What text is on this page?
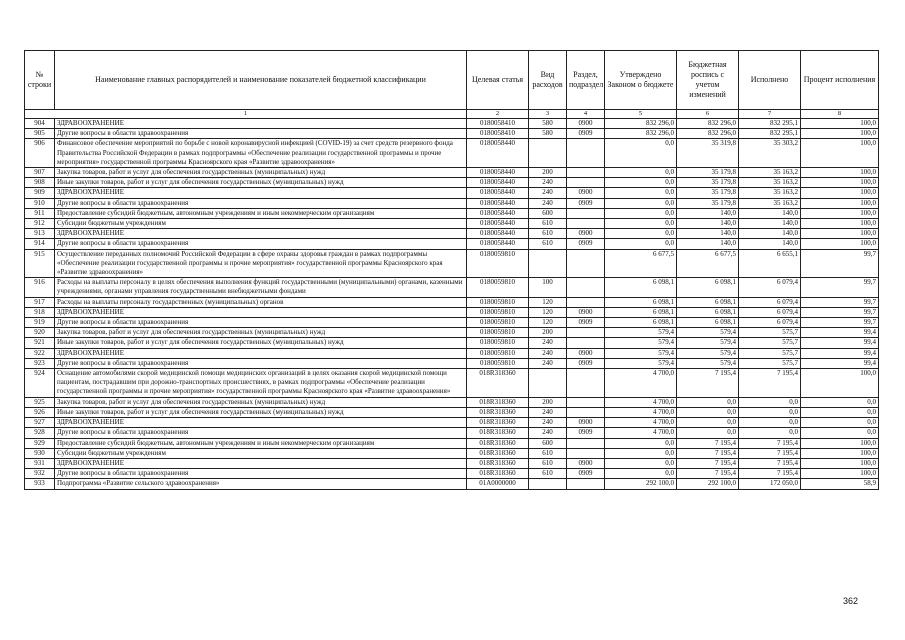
№ строки	Наименование главных распорядителей и наименование показателей бюджетной классификации	Целевая статья	Вид расходов	Раздел, подраздел	Утверждено Законом о бюджете	Бюджетная роспись с учетом изменений	Исполнено	Процент исполнения
1		2	3	4	5	6	7	8
904	ЗДРАВООХРАНЕНИЕ	0180058410	580	0900	832 296,0	832 296,0	832 295,1	100,0
905	Другие вопросы в области здравоохранения	0180058410	580	0909	832 296,0	832 296,0	832 295,1	100,0
906	Финансовое обеспечение мероприятий по борьбе с новой коронавирусной инфекцией (COVID-19) за счет средств резервного фонда Правительства Российской Федерации в рамках подпрограммы «Обеспечение реализации государственной программы и прочие мероприятия» государственной программы Красноярского края «Развитие здравоохранения»	0180058440			0,0	35 319,8	35 303,2	100,0
907	Закупка товаров, работ и услуг для обеспечения государственных (муниципальных) нужд	0180058440	200		0,0	35 179,8	35 163,2	100,0
908	Иные закупки товаров, работ и услуг для обеспечения государственных (муниципальных) нужд	0180058440	240		0,0	35 179,8	35 163,2	100,0
909	ЗДРАВООХРАНЕНИЕ	0180058440	240	0900	0,0	35 179,8	35 163,2	100,0
910	Другие вопросы в области здравоохранения	0180058440	240	0909	0,0	35 179,8	35 163,2	100,0
911	Предоставление субсидий бюджетным, автономным учреждениям и иным некоммерческим организациям	0180058440	600		0,0	140,0	140,0	100,0
912	Субсидии бюджетным учреждениям	0180058440	610		0,0	140,0	140,0	100,0
913	ЗДРАВООХРАНЕНИЕ	0180058440	610	0900	0,0	140,0	140,0	100,0
914	Другие вопросы в области здравоохранения	0180058440	610	0909	0,0	140,0	140,0	100,0
915	Осуществление переданных полномочий Российской Федерации в сфере охраны здоровья граждан в рамках подпрограммы «Обеспечение реализации государственной программы и прочие мероприятия» государственной программы Красноярского края «Развитие здравоохранения»	0180059810			6 677,5	6 677,5	6 655,1	99,7
916	Расходы на выплаты персоналу в целях обеспечения выполнения функций государственными (муниципальными) органами, казенными учреждениями, органами управления государственными внебюджетными фондами	0180059810	100		6 098,1	6 098,1	6 079,4	99,7
917	Расходы на выплаты персоналу государственных (муниципальных) органов	0180059810	120		6 098,1	6 098,1	6 079,4	99,7
918	ЗДРАВООХРАНЕНИЕ	0180059810	120	0900	6 098,1	6 098,1	6 079,4	99,7
919	Другие вопросы в области здравоохранения	0180059810	120	0909	6 098,1	6 098,1	6 079,4	99,7
920	Закупка товаров, работ и услуг для обеспечения государственных (муниципальных) нужд	0180059810	200		579,4	579,4	575,7	99,4
921	Иные закупки товаров, работ и услуг для обеспечения государственных (муниципальных) нужд	0180059810	240		579,4	579,4	575,7	99,4
922	ЗДРАВООХРАНЕНИЕ	0180059810	240	0900	579,4	579,4	575,7	99,4
923	Другие вопросы в области здравоохранения	0180059810	240	0909	579,4	579,4	575,7	99,4
924	Оснащение автомобилями скорой медицинской помощи медицинских организаций в целях оказания скорой медицинской помощи пациентам, пострадавшим при дорожно-транспортных происшествиях, в рамках подпрограммы «Обеспечение реализации государственной программы и прочие мероприятия» государственной программы Красноярского края «Развитие здравоохранения»	018R318360			4 700,0	7 195,4	7 195,4	100,0
925	Закупка товаров, работ и услуг для обеспечения государственных (муниципальных) нужд	018R318360	200		4 700,0	0,0	0,0	0,0
926	Иные закупки товаров, работ и услуг для обеспечения государственных (муниципальных) нужд	018R318360	240		4 700,0	0,0	0,0	0,0
927	ЗДРАВООХРАНЕНИЕ	018R318360	240	0900	4 700,0	0,0	0,0	0,0
928	Другие вопросы в области здравоохранения	018R318360	240	0909	4 700,0	0,0	0,0	0,0
929	Предоставление субсидий бюджетным, автономным учреждениям и иным некоммерческим организациям	018R318360	600		0,0	7 195,4	7 195,4	100,0
930	Субсидии бюджетным учреждениям	018R318360	610		0,0	7 195,4	7 195,4	100,0
931	ЗДРАВООХРАНЕНИЕ	018R318360	610	0900	0,0	7 195,4	7 195,4	100,0
932	Другие вопросы в области здравоохранения	018R318360	610	0909	0,0	7 195,4	7 195,4	100,0
933	Подпрограмма «Развитие сельского здравоохранения»	01А0000000			292 100,0	292 100,0	172 050,0	58,9
362
